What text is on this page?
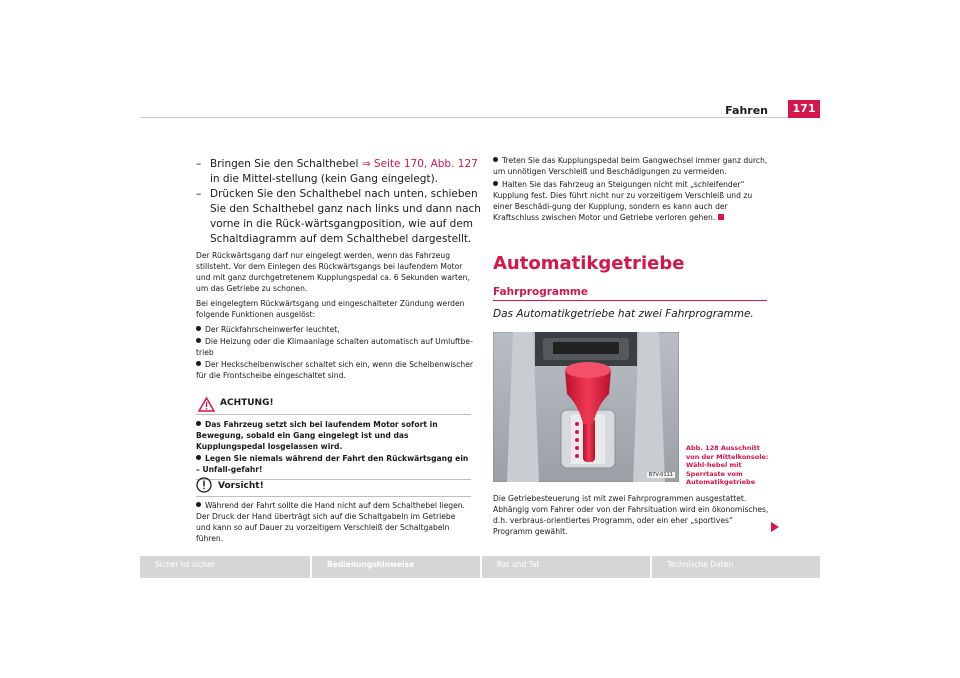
Fahren	171
– Bringen Sie den Schalthebel ⇒ Seite 170, Abb. 127 in die Mittel-stellung (kein Gang eingelegt).
– Drücken Sie den Schalthebel nach unten, schieben Sie den Schalthebel ganz nach links und dann nach vorne in die Rück-wärtsgangposition, wie auf dem Schaltdiagramm auf dem Schalthebel dargestellt.
Der Rückwärtsgang darf nur eingelegt werden, wenn das Fahrzeug stillsteht. Vor dem Einlegen des Rückwärtsgangs bei laufendem Motor und mit ganz durchgetretenem Kupplungspedal ca. 6 Sekunden warten, um das Getriebe zu schonen.
Bei eingelegtem Rückwärtsgang und eingeschalteter Zündung werden folgende Funktionen ausgelöst:
Der Rückfahrscheinwerfer leuchtet,
Die Heizung oder die Klimaanlage schalten automatisch auf Umluftbe-trieb
Der Heckscheibenwischer schaltet sich ein, wenn die Scheibenwischer für die Frontscheibe eingeschaltet sind.
ACHTUNG!
Das Fahrzeug setzt sich bei laufendem Motor sofort in Bewegung, sobald ein Gang eingelegt ist und das Kupplungspedal losgelassen wird.
Legen Sie niemals während der Fahrt den Rückwärtsgang ein – Unfall-gefahr!
Vorsicht!
Während der Fahrt sollte die Hand nicht auf dem Schalthebel liegen. Der Druck der Hand überträgt sich auf die Schaltgabeln im Getriebe und kann so auf Dauer zu vorzeitigem Verschleiß der Schaltgabeln führen.
Treten Sie das Kupplungspedal beim Gangwechsel immer ganz durch, um unnötigen Verschleiß und Beschädigungen zu vermeiden.
Halten Sie das Fahrzeug an Steigungen nicht mit „schleifender“ Kupplung fest. Dies führt nicht nur zu vorzeitigem Verschleiß und zu einer Beschädi-gung der Kupplung, sondern es kann auch der Kraftschluss zwischen Motor und Getriebe verloren gehen.
Automatikgetriebe
Fahrprogramme
Das Automatikgetriebe hat zwei Fahrprogramme.
B7V-0111
Abb. 128 Ausschnitt von der Mittelkonsole: Wähl-hebel mit Sperrtaste vom Automatikgetriebe
Die Getriebesteuerung ist mit zwei Fahrprogrammen ausgestattet. Abhängig vom Fahrer oder von der Fahrsituation wird ein ökonomisches, d.h. verbraus-orientiertes Programm, oder ein eher „sportives“ Programm gewählt.
Sicher ist sicher	Bedienungshinweise	Rat und Tat	Technische Daten
